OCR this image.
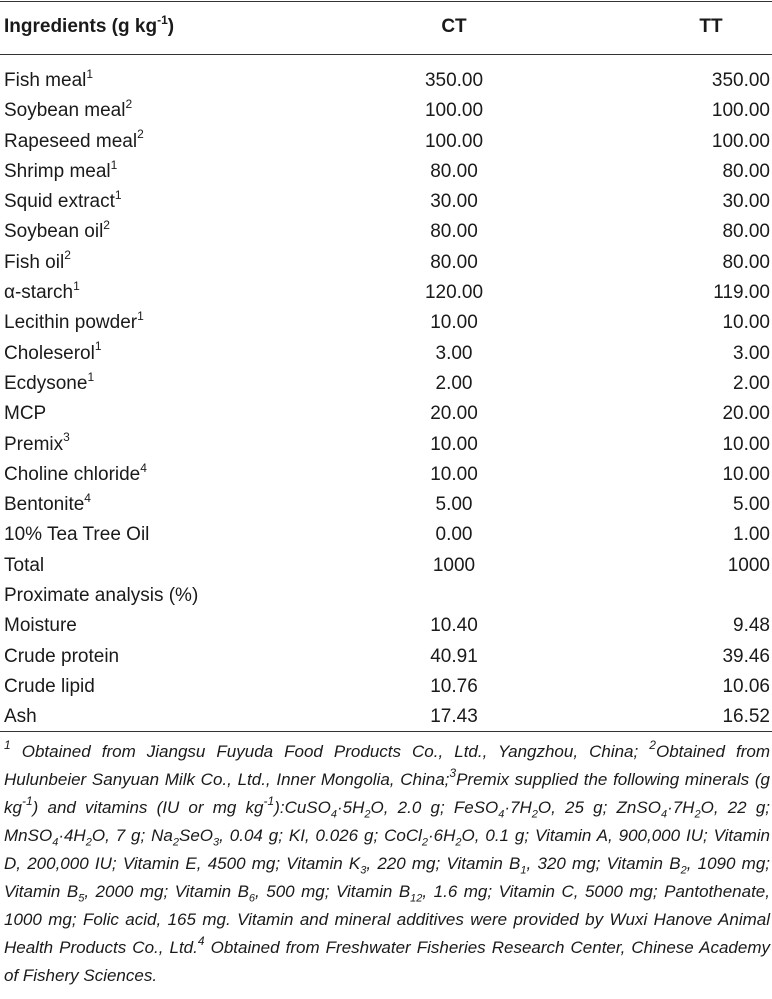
Ingredients (g $kg^{-1}$)	CT	TT
Fish meal$^1$	350.00	350.00
Soybean meal$^2$	100.00	100.00
Rapeseed meal$^2$	100.00	100.00
Shrimp meal$^1$	80.00	80.00
Squid extract$^1$	30.00	30.00
Soybean oil$^2$	80.00	80.00
Fish oil$^2$	80.00	80.00
α-starch$^1$	120.00	119.00
Lecithin powder$^1$	10.00	10.00
Choleserol$^1$	3.00	3.00
Ecdysone$^1$	2.00	2.00
MCP	20.00	20.00
Premix$^3$	10.00	10.00
Choline chloride$^4$	10.00	10.00
Bentonite$^4$	5.00	5.00
10% Tea Tree Oil	0.00	1.00
Total	1000	1000
Proximate analysis (%)
Moisture	10.40	9.48
Crude protein	40.91	39.46
Crude lipid	10.76	10.06
Ash	17.43	16.52
$^1$ Obtained from Jiangsu Fuyuda Food Products Co., Ltd., Yangzhou, China; $^2$Obtained from Hulunbeier Sanyuan Milk Co., Ltd., Inner Mongolia, China;$^3$Premix supplied the following minerals (g $kg^{-1}$) and vitamins (IU or mg $kg^{-1}):CuSO_4\cdot 5H_2O$, 2.0 g; $FeSO_4\cdot 7H_2O$, 25 g; $ZnSO_4\cdot 7H_2O$, 22 g; $MnSO_4\cdot 4H_2O$, 7 g; $Na_2SeO_3$, 0.04 g; KI, 0.026 g; $CoCl_2\cdot 6H_2O$, 0.1 g; Vitamin A, 900,000 IU; Vitamin D, 200,000 IU; Vitamin E, 4500 mg; Vitamin $K_3$, 220 mg; Vitamin $B_1$, 320 mg; Vitamin $B_2$, 1090 mg; Vitamin $B_5$, 2000 mg; Vitamin $B_6$, 500 mg; Vitamin $B_{12}$, 1.6 mg; Vitamin C, 5000 mg; Pantothenate, 1000 mg; Folic acid, 165 mg. Vitamin and mineral additives were provided by Wuxi Hanove Animal Health Products Co., Ltd.$^4$ Obtained from Freshwater Fisheries Research Center, Chinese Academy of Fishery Sciences.
